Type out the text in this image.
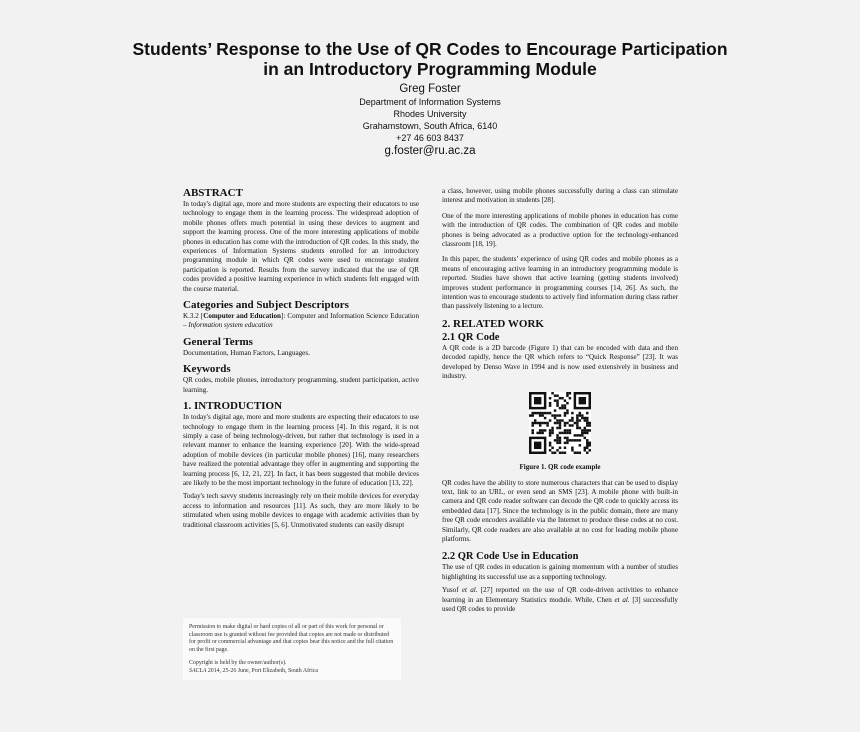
Students’ Response to the Use of QR Codes to Encourage Participation in an Introductory Programming Module
Greg Foster
Department of Information Systems
Rhodes University
Grahamstown, South Africa, 6140
+27 46 603 8437
g.foster@ru.ac.za
ABSTRACT

In today's digital age, more and more students are expecting their educators to use technology to engage them in the learning process. The widespread adoption of mobile phones offers much potential in using these devices to augment and support the learning process. One of the more interesting applications of mobile phones in education has come with the introduction of QR codes. In this study, the experiences of Information Systems students enrolled for an introductory programming module in which QR codes were used to encourage student participation is reported. Results from the survey indicated that the use of QR codes provided a positive learning experience in which students felt engaged with the course material.

Categories and Subject Descriptors

K.3.2 [Computer and Education]: Computer and Information Science Education – Information system education

General Terms

Documentation, Human Factors, Languages.

Keywords

QR codes, mobile phones, introductory programming, student participation, active learning.

1. INTRODUCTION

In today's digital age, more and more students are expecting their educators to use technology to engage them in the learning process [4]. In this regard, it is not simply a case of being technology-driven, but rather that technology is used in a relevant manner to enhance the learning experience [20]. With the wide-spread adoption of mobile devices (in particular mobile phones) [16], many researchers have realized the potential advantage they offer in augmenting and supporting the learning process [6, 12, 21, 22]. In fact, it has been suggested that mobile devices are likely to be the most important technology in the future of education [13, 22].

Today's tech savvy students increasingly rely on their mobile devices for everyday access to information and resources [11]. As such, they are more likely to be stimulated when using mobile devices to engage with academic activities than by traditional classroom activities [5, 6]. Unmotivated students can easily disrupt

Permission to make digital or hard copies of all or part of this work for personal or classroom use is granted without fee provided that copies are not made or distributed for profit or commercial advantage and that copies bear this notice and the full citation on the first page.

Copyright is held by the owner/author(s).

SACLA 2014, 25-26 June, Port Elizabeth, South Africa

a class, however, using mobile phones successfully during a class can stimulate interest and motivation in students [28].

One of the more interesting applications of mobile phones in education has come with the introduction of QR codes. The combination of QR codes and mobile phones is being advocated as a productive option for the technology-enhanced classroom [18, 19].

In this paper, the students’ experience of using QR codes and mobile phones as a means of encouraging active learning in an introductory programming module is reported. Studies have shown that active learning (getting students involved) improves student performance in programming courses [14, 26]. As such, the intention was to encourage students to actively find information during class rather than passively listening to a lecture.

2. RELATED WORK
2.1 QR Code

A QR code is a 2D barcode (Figure 1) that can be encoded with data and then decoded rapidly, hence the QR which refers to “Quick Response” [23]. It was developed by Denso Wave in 1994 and is now used extensively in business and industry.

Figure 1. QR code example

QR codes have the ability to store numerous characters that can be used to display text, link to an URL, or even send an SMS [23]. A mobile phone with built-in camera and QR code reader software can decode the QR code to quickly access its embedded data [17]. Since the technology is in the public domain, there are many free QR code encoders available via the Internet to produce these codes at no cost. Similarly, QR code readers are also available at no cost for leading mobile phone platforms.

2.2 QR Code Use in Education

The use of QR codes in education is gaining momentum with a number of studies highlighting its successful use as a supporting technology.

Yusof et al. [27] reported on the use of QR code-driven activities to enhance learning in an Elementary Statistics module. While, Chen et al. [3] successfully used QR codes to provide
